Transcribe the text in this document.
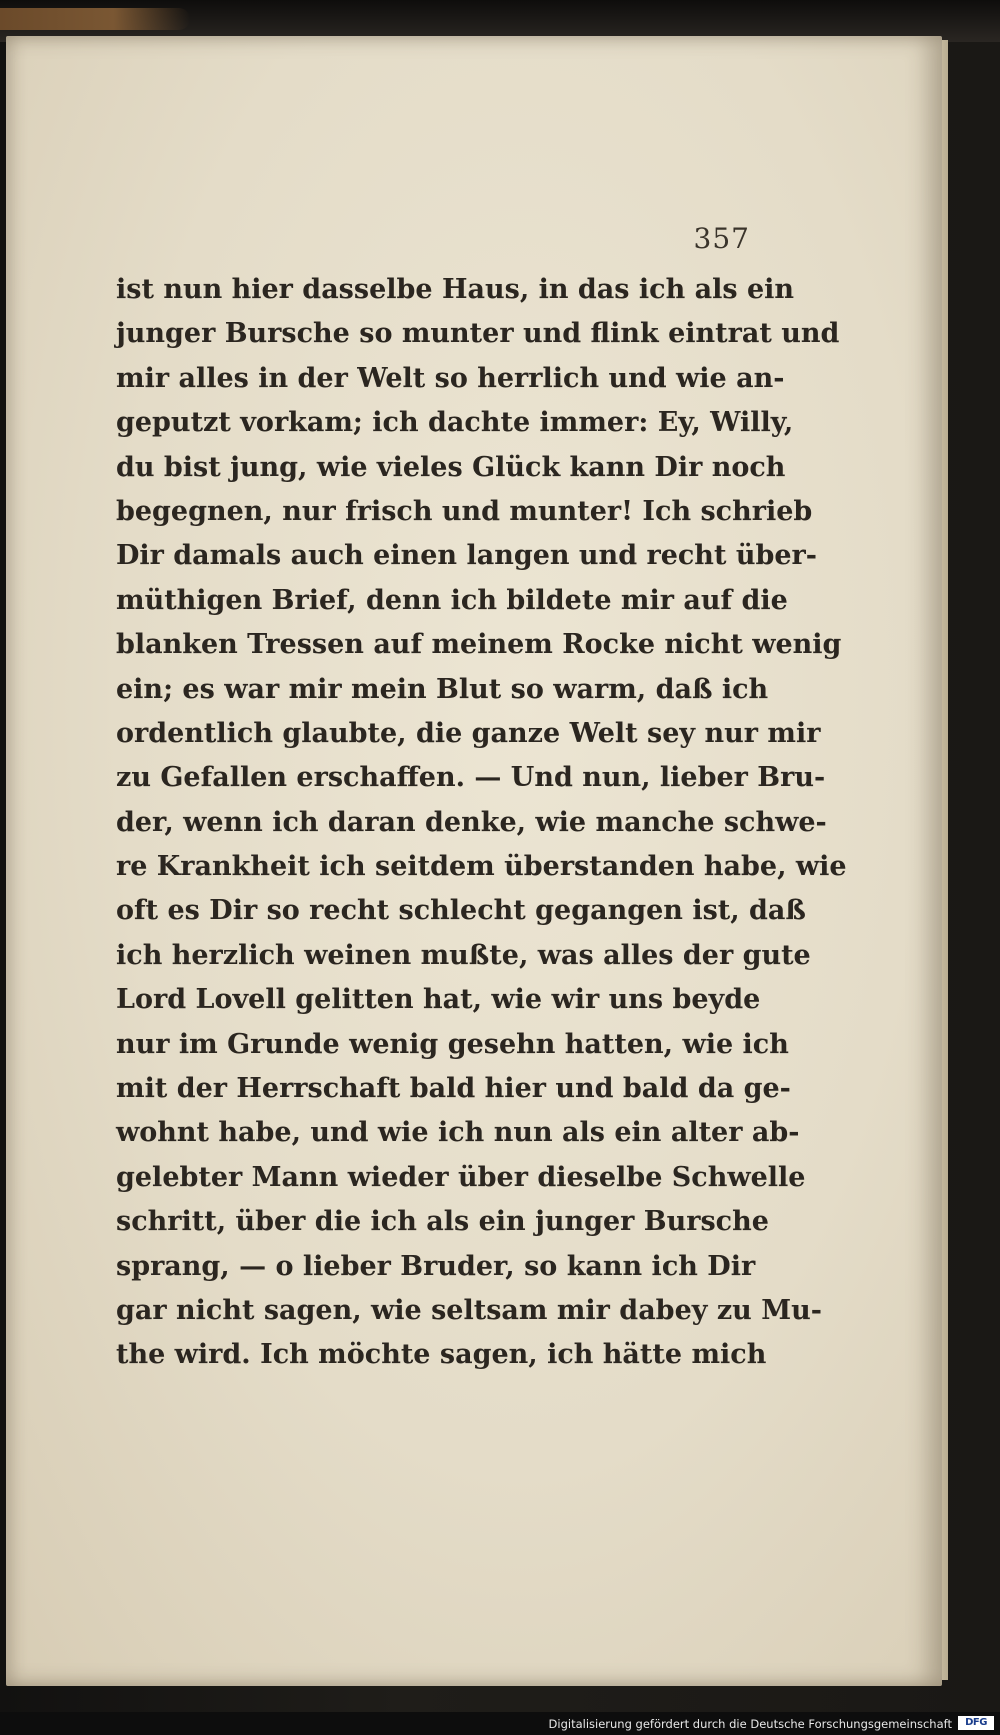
357
ist nun hier dasselbe Haus, in das ich als ein
junger Bursche so munter und flink eintrat und
mir alles in der Welt so herrlich und wie an-
geputzt vorkam; ich dachte immer: Ey, Willy,
du bist jung, wie vieles Glück kann Dir noch
begegnen, nur frisch und munter! Ich schrieb
Dir damals auch einen langen und recht über-
müthigen Brief, denn ich bildete mir auf die
blanken Tressen auf meinem Rocke nicht wenig
ein; es war mir mein Blut so warm, daß ich
ordentlich glaubte, die ganze Welt sey nur mir
zu Gefallen erschaffen. — Und nun, lieber Bru-
der, wenn ich daran denke, wie manche schwe-
re Krankheit ich seitdem überstanden habe, wie
oft es Dir so recht schlecht gegangen ist, daß
ich herzlich weinen mußte, was alles der gute
Lord Lovell gelitten hat, wie wir uns beyde
nur im Grunde wenig gesehn hatten, wie ich
mit der Herrschaft bald hier und bald da ge-
wohnt habe, und wie ich nun als ein alter ab-
gelebter Mann wieder über dieselbe Schwelle
schritt, über die ich als ein junger Bursche
sprang, — o lieber Bruder, so kann ich Dir
gar nicht sagen, wie seltsam mir dabey zu Mu-
the wird. Ich möchte sagen, ich hätte mich
Digitalisierung gefördert durch die Deutsche Forschungsgemeinschaft	DFG
